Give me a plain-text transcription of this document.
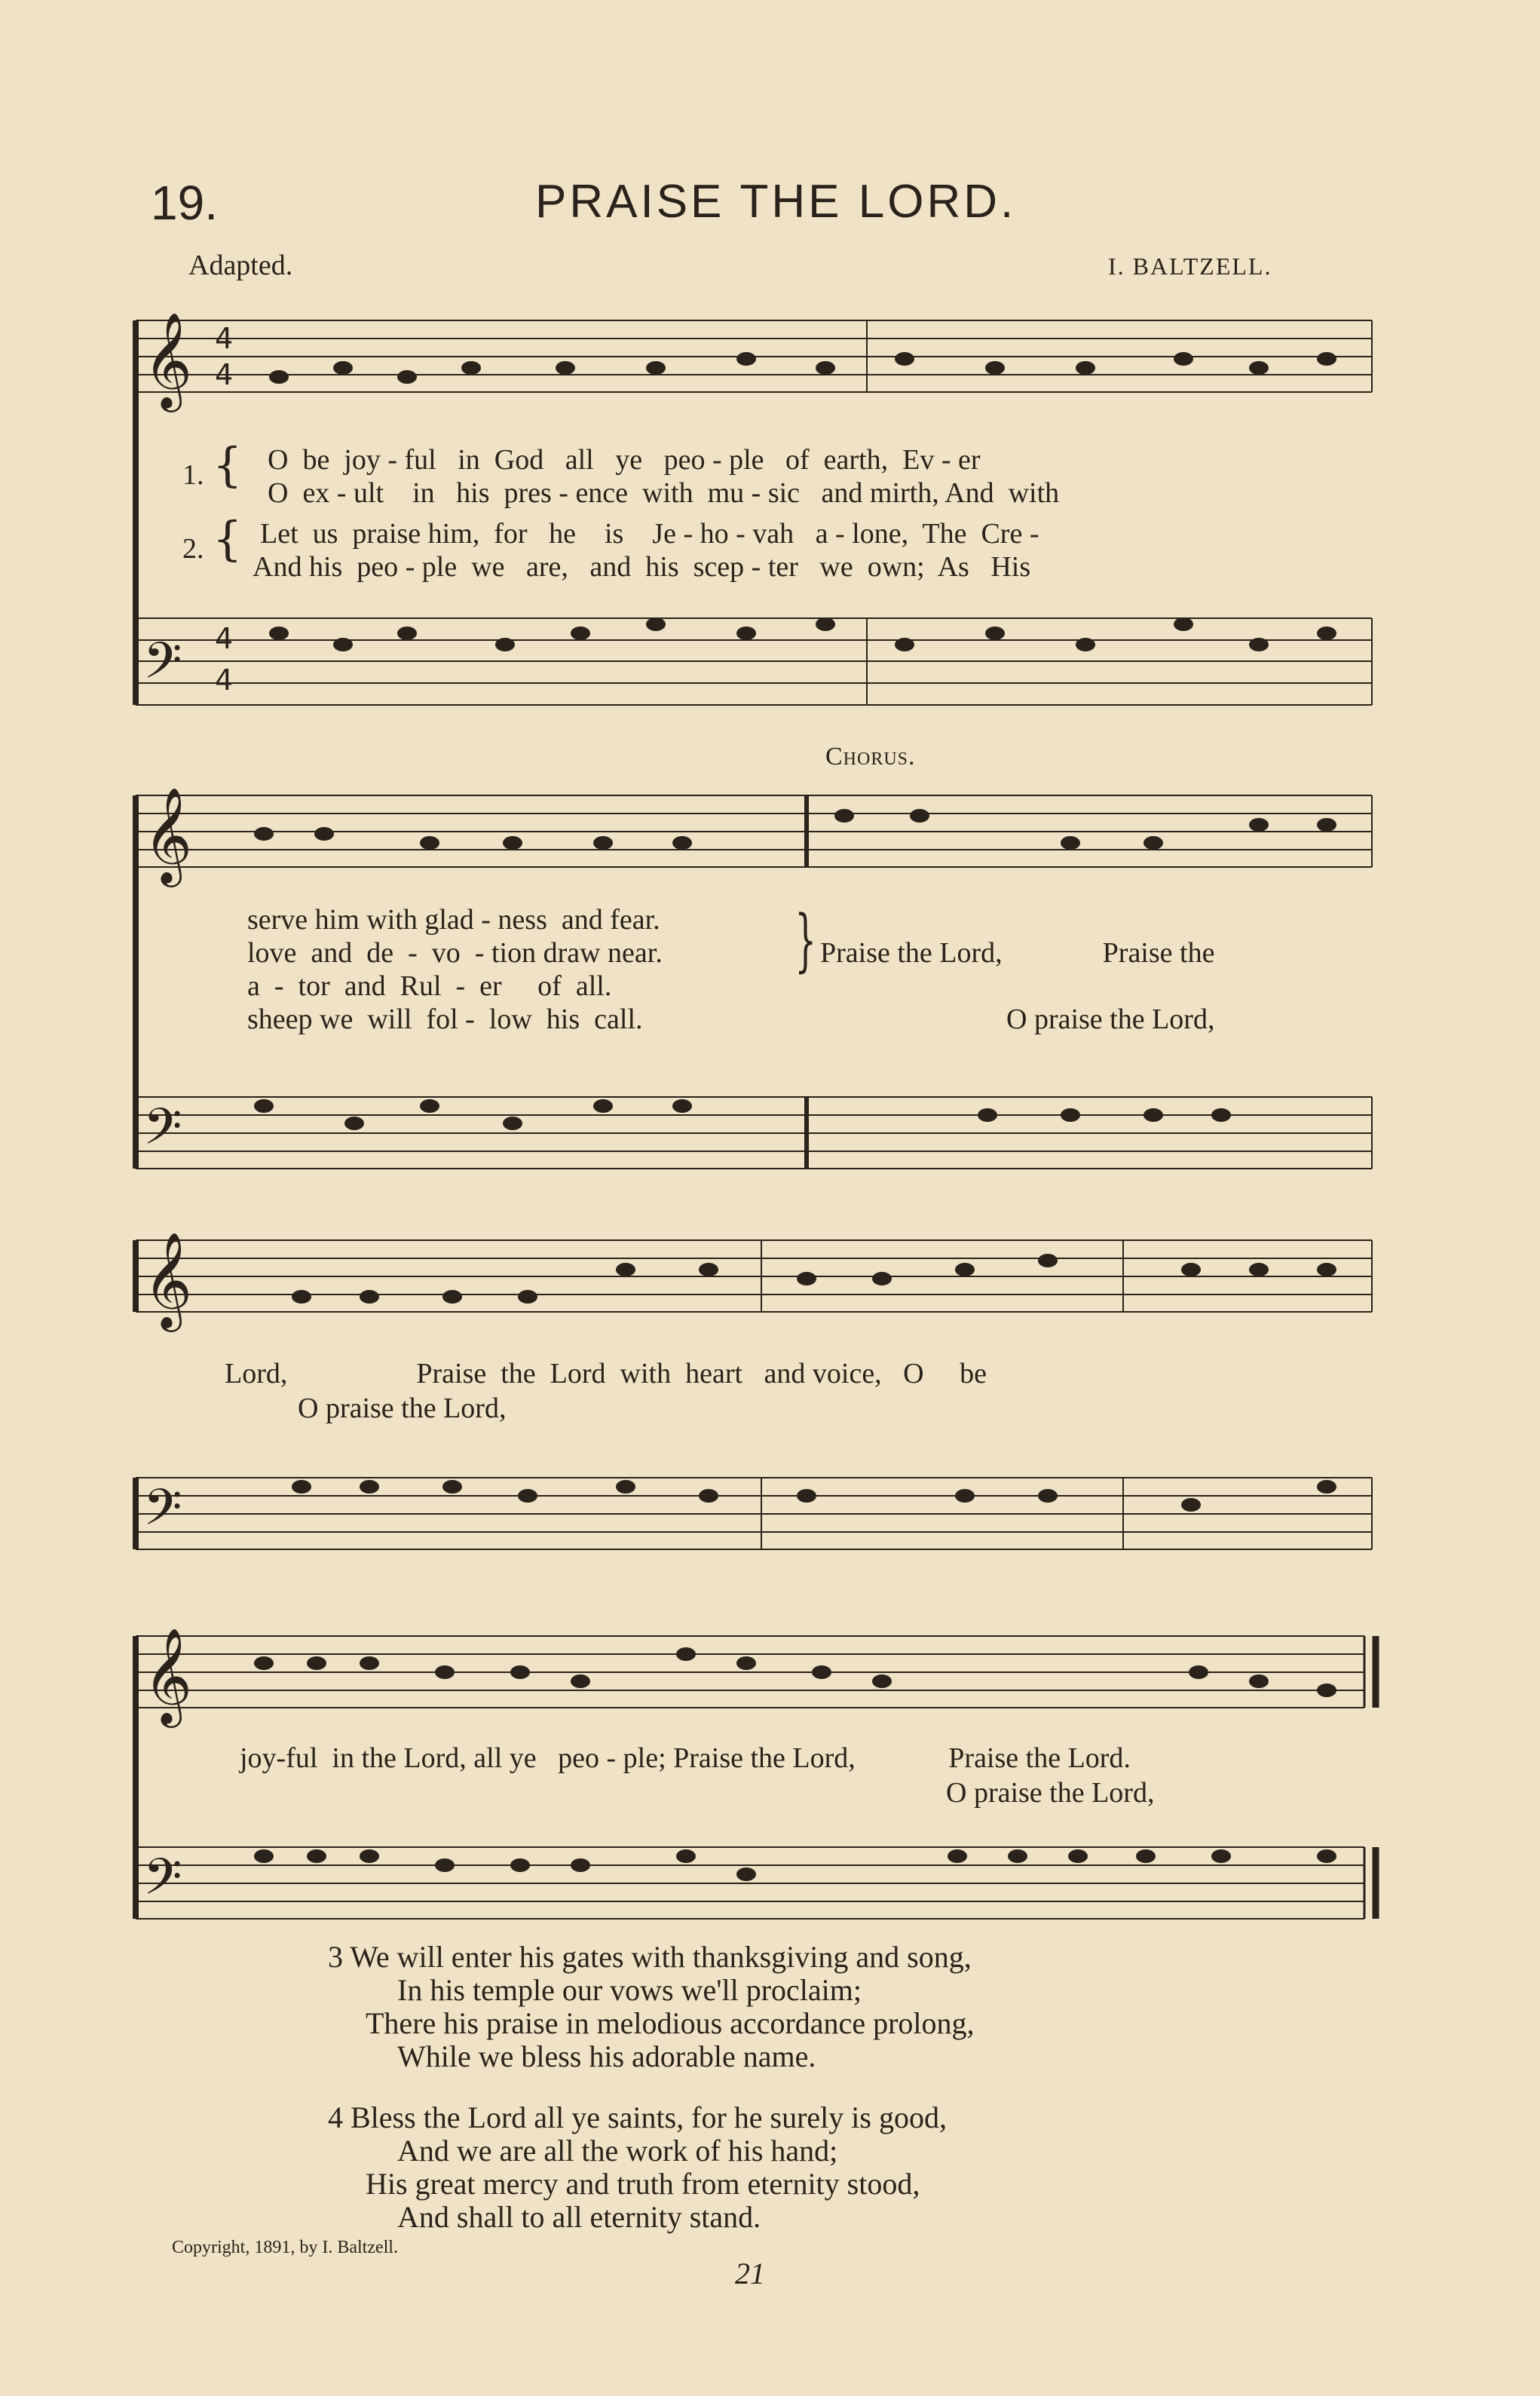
19.	PRAISE THE LORD.
Adapted.	I. BALTZELL.
𝄞
𝄢
4
4
4
4
1. { O  be  joy - ful   in  God   all   ye   peo - ple   of  earth,  Ev - er
O  ex - ult    in   his  pres - ence  with  mu - sic   and mirth, And  with
2. { Let  us  praise him,  for   he    is    Je - ho - vah   a - lone,  The  Cre -
And his  peo - ple  we   are,   and  his  scep - ter   we  own;  As   His
Chorus.
𝄞
𝄢
serve him with glad - ness  and fear.
love  and  de  -  vo  - tion draw near.
a  -  tor  and  Rul  -  er     of  all.
sheep we  will  fol -  low  his  call.
} Praise the Lord,              Praise the
O praise the Lord,
𝄞
𝄢
Lord,                  Praise  the  Lord  with  heart   and voice,   O     be
O praise the Lord,
𝄞
𝄢
joy-ful  in the Lord, all ye   peo - ple; Praise the Lord,             Praise the Lord.
O praise the Lord,
3 We will enter his gates with thanksgiving and song,
In his temple our vows we'll proclaim;
There his praise in melodious accordance prolong,
While we bless his adorable name.
4 Bless the Lord all ye saints, for he surely is good,
And we are all the work of his hand;
His great mercy and truth from eternity stood,
And shall to all eternity stand.
Copyright, 1891, by I. Baltzell.
21
